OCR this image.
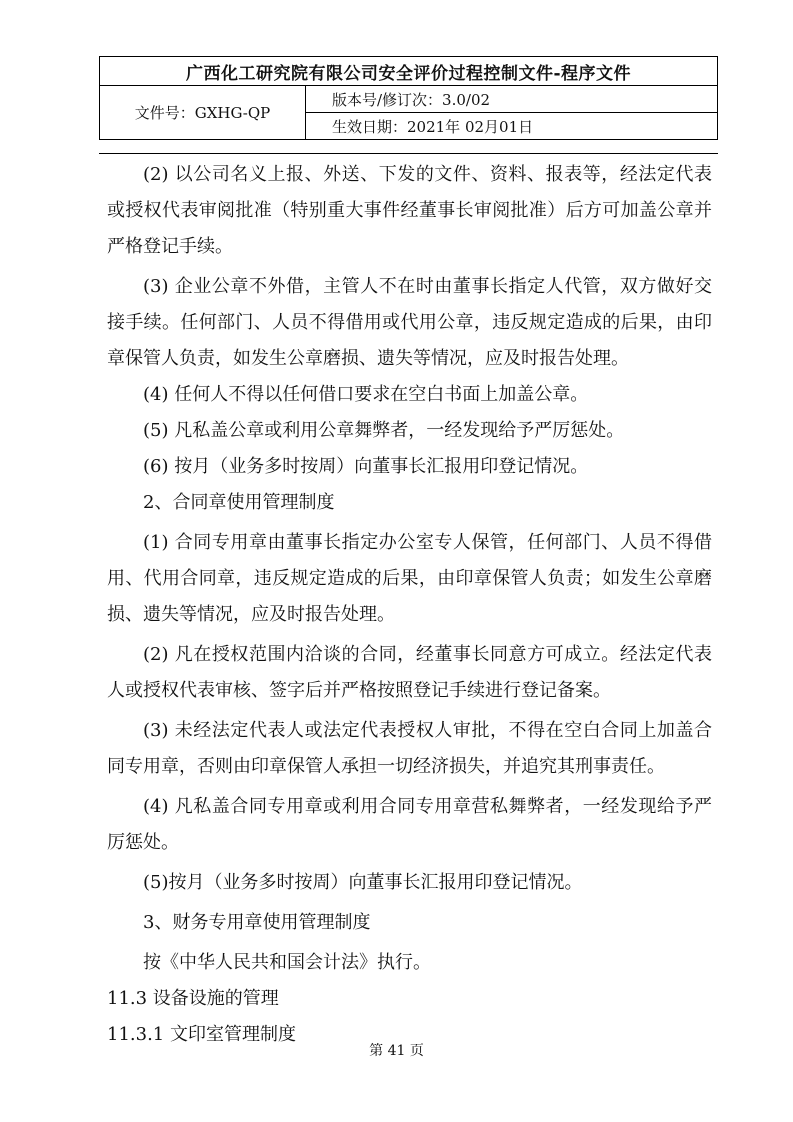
广西化工研究院有限公司安全评价过程控制文件-程序文件
文件号：GXHG-QP	版本号/修订次：3.0/02
生效日期：2021年 02月01日

(2) 以公司名义上报、外送、下发的文件、资料、报表等，经法定代表或授权代表审阅批准（特别重大事件经董事长审阅批准）后方可加盖公章并严格登记手续。

(3) 企业公章不外借，主管人不在时由董事长指定人代管，双方做好交接手续。任何部门、人员不得借用或代用公章，违反规定造成的后果，由印章保管人负责，如发生公章磨损、遗失等情况，应及时报告处理。

(4) 任何人不得以任何借口要求在空白书面上加盖公章。

(5) 凡私盖公章或利用公章舞弊者，一经发现给予严厉惩处。

(6) 按月（业务多时按周）向董事长汇报用印登记情况。

2、合同章使用管理制度

(1) 合同专用章由董事长指定办公室专人保管，任何部门、人员不得借用、代用合同章，违反规定造成的后果，由印章保管人负责；如发生公章磨损、遗失等情况，应及时报告处理。

(2) 凡在授权范围内洽谈的合同，经董事长同意方可成立。经法定代表人或授权代表审核、签字后并严格按照登记手续进行登记备案。

(3) 未经法定代表人或法定代表授权人审批，不得在空白合同上加盖合同专用章，否则由印章保管人承担一切经济损失，并追究其刑事责任。

(4) 凡私盖合同专用章或利用合同专用章营私舞弊者，一经发现给予严厉惩处。

(5)按月（业务多时按周）向董事长汇报用印登记情况。

3、财务专用章使用管理制度

按《中华人民共和国会计法》执行。

11.3 设备设施的管理

11.3.1 文印室管理制度

第 41 页
